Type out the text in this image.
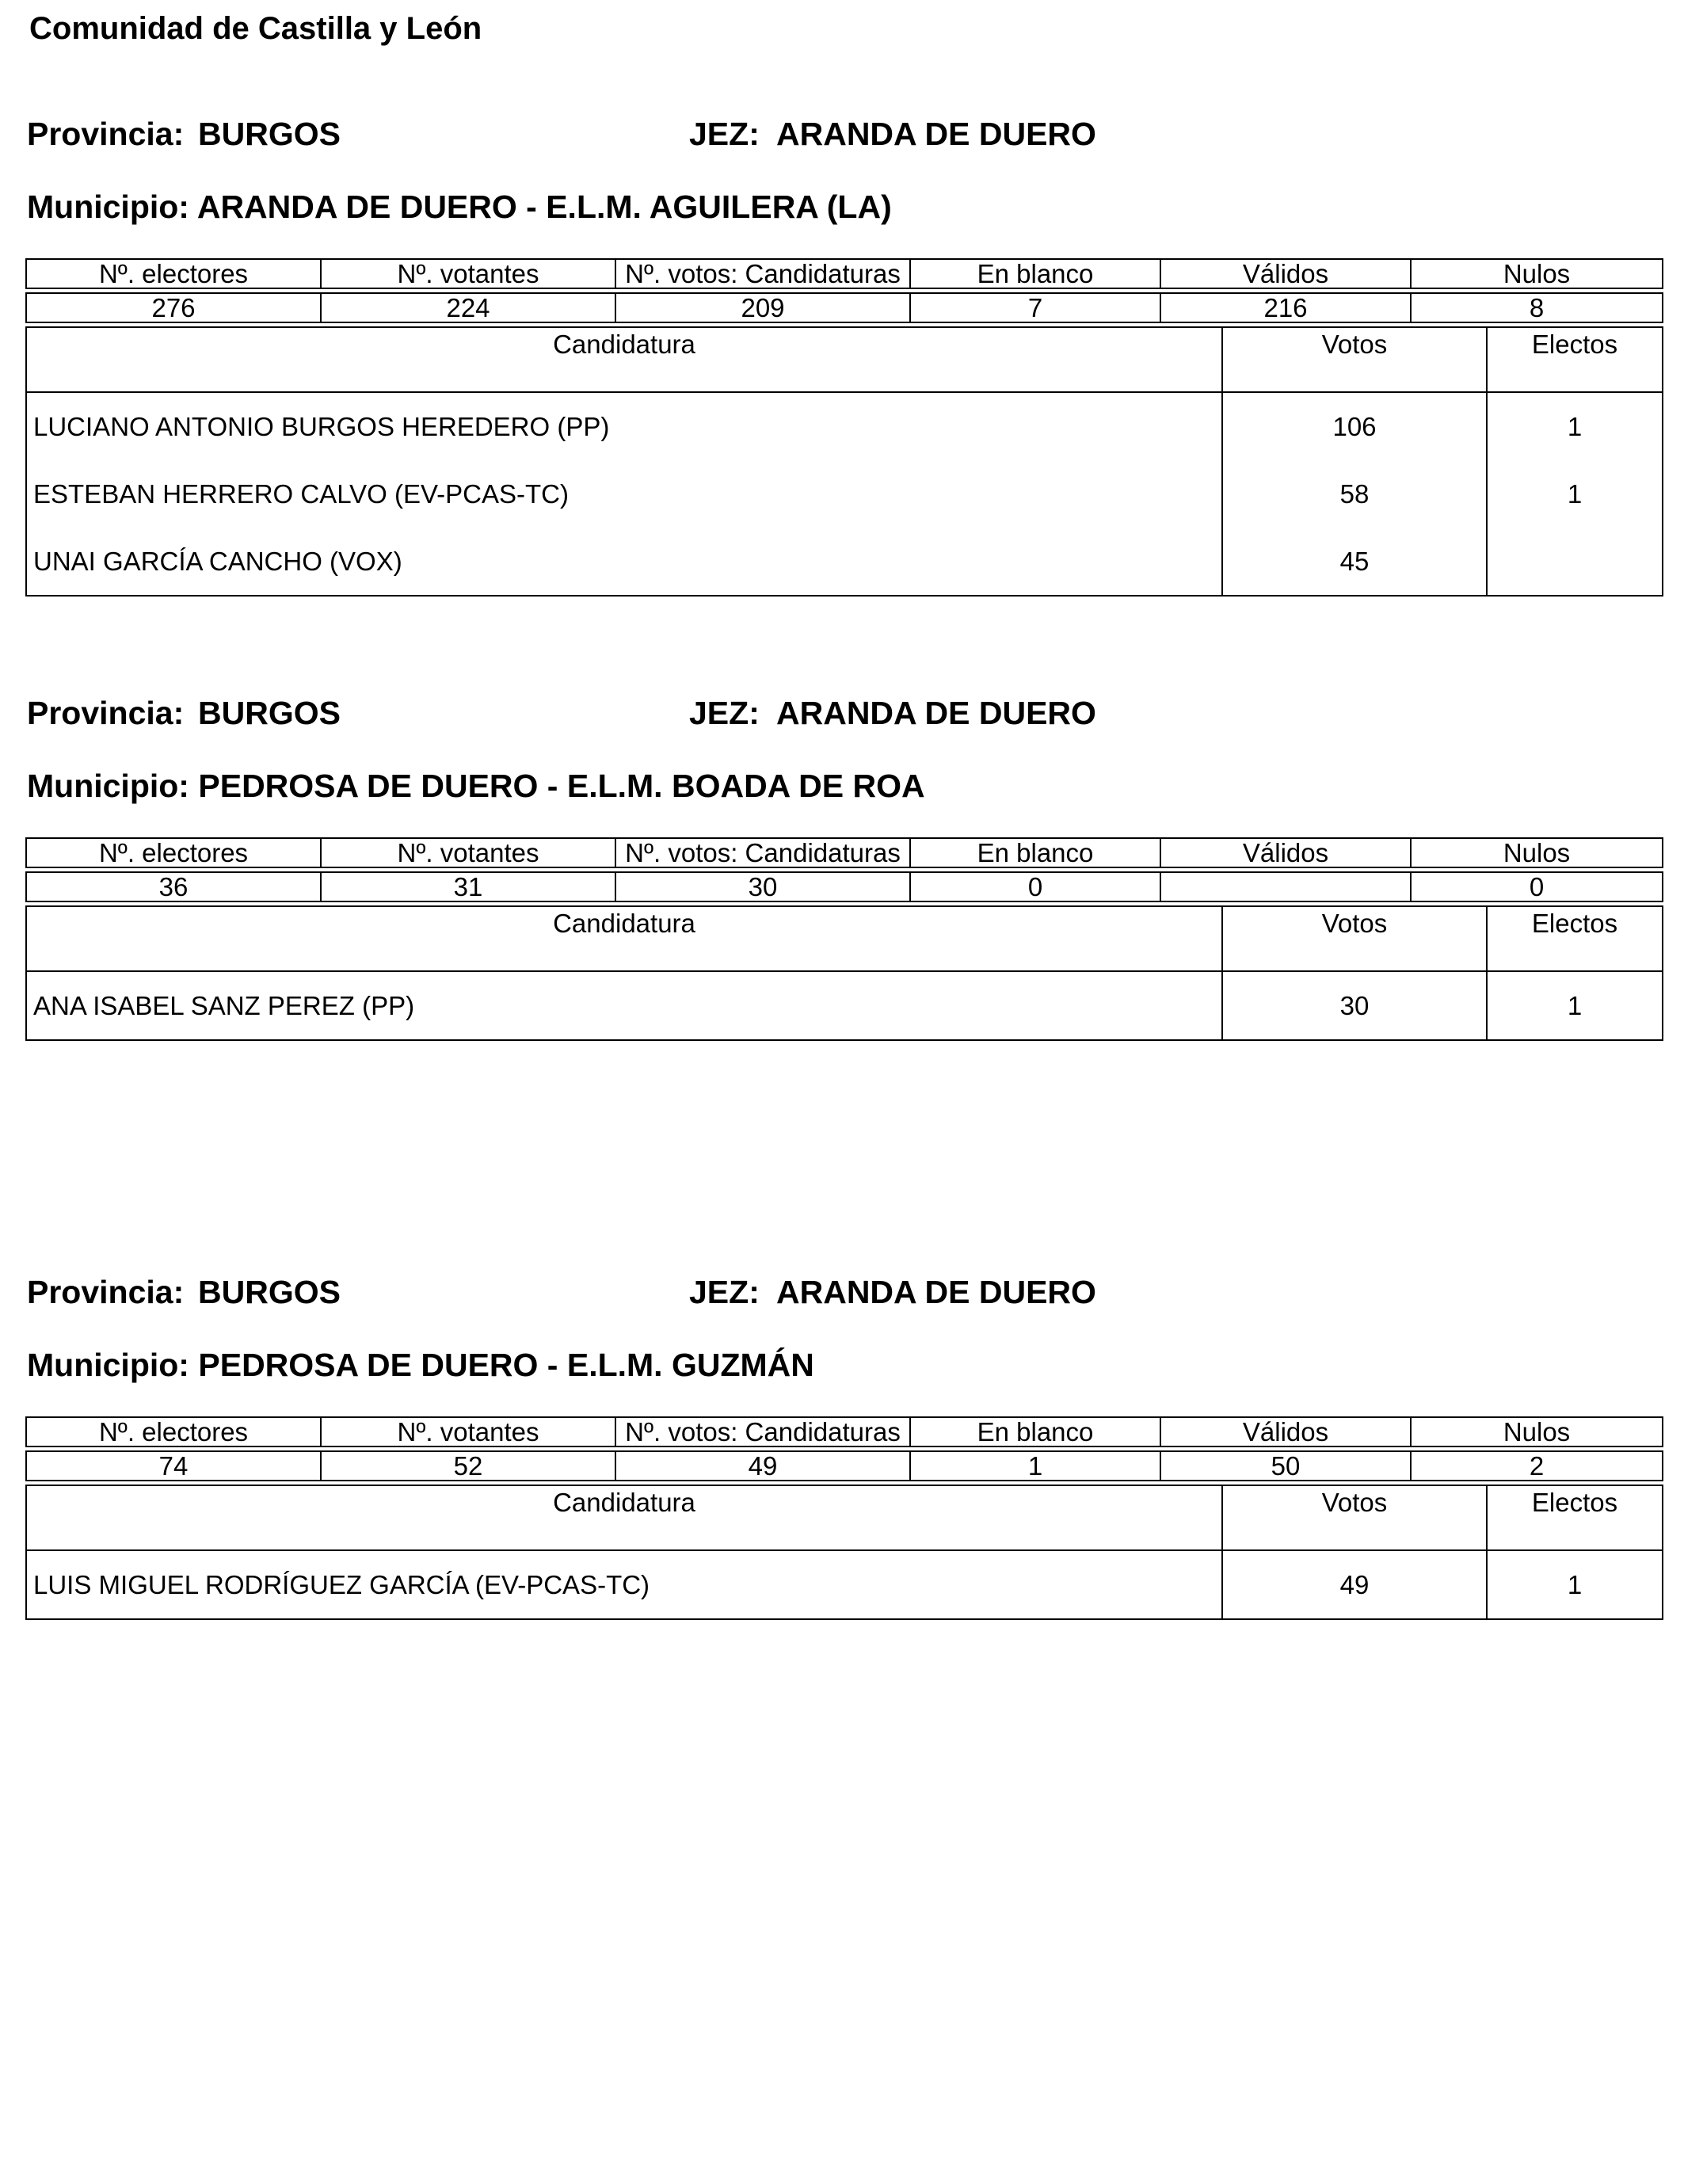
Comunidad de Castilla y León
Provincia: BURGOS	JEZ: ARANDA DE DUERO
Municipio: ARANDA DE DUERO - E.L.M. AGUILERA (LA)
Nº. electores	Nº. votantes	Nº. votos: Candidaturas	En blanco	Válidos	Nulos

276	224	209	7	216	8
Candidatura	Votos	Electos
LUCIANO ANTONIO BURGOS HEREDERO (PP)	106	1
ESTEBAN HERRERO CALVO (EV-PCAS-TC)	58	1
UNAI GARCÍA CANCHO (VOX)	45	
Provincia: BURGOS	JEZ: ARANDA DE DUERO
Municipio: PEDROSA DE DUERO - E.L.M. BOADA DE ROA
Nº. electores	Nº. votantes	Nº. votos: Candidaturas	En blanco	Válidos	Nulos

36	31	30	0		0
Candidatura	Votos	Electos
ANA ISABEL SANZ PEREZ (PP)	30	1
Provincia: BURGOS	JEZ: ARANDA DE DUERO
Municipio: PEDROSA DE DUERO - E.L.M. GUZMÁN
Nº. electores	Nº. votantes	Nº. votos: Candidaturas	En blanco	Válidos	Nulos

74	52	49	1	50	2
Candidatura	Votos	Electos
LUIS MIGUEL RODRÍGUEZ GARCÍA (EV-PCAS-TC)	49	1
